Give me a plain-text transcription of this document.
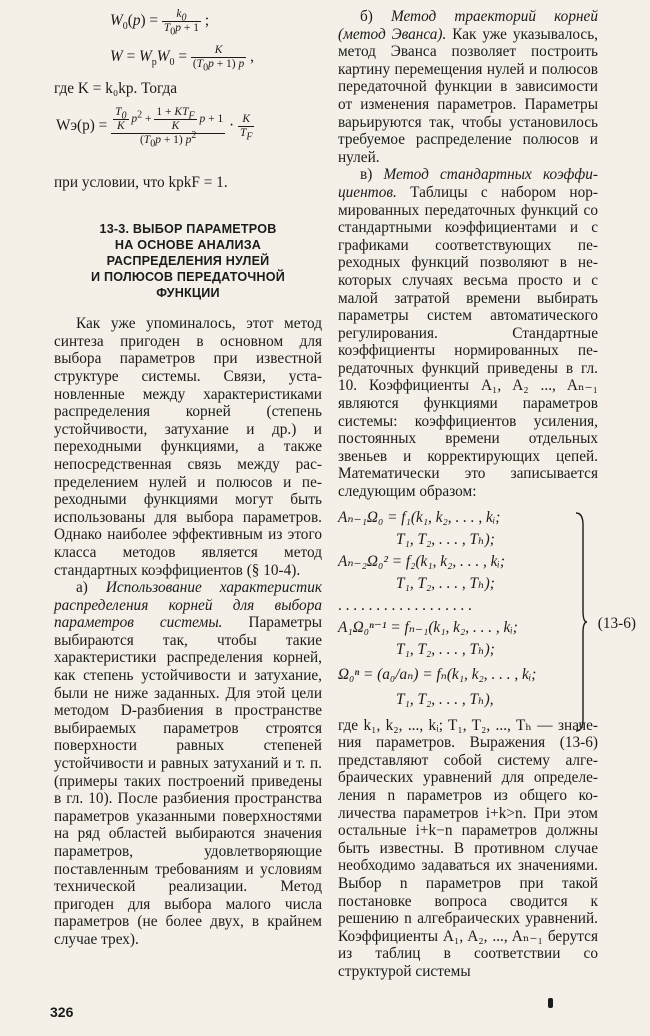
$W_0(p) = \frac{k_0}{T_0p + 1}$ ;
$W = W_рW_0 = \frac{K}{(T_0p + 1) p}$ ,
где K = k₀kр. Тогда
$Wэ(p) = \frac{\frac{T_0}{K} p^2 + \frac{1 + KT_F}{K} p + 1}{(T_0p + 1) p^2} \cdot \frac{K}{T_F}$
при условии, что kрkF = 1.
13-3. ВЫБОР ПАРАМЕТРОВ
НА ОСНОВЕ АНАЛИЗА
РАСПРЕДЕЛЕНИЯ НУЛЕЙ
И ПОЛЮСОВ ПЕРЕДАТОЧНОЙ
ФУНКЦИИ

Как уже упоминалось, этот метод синтеза пригоден в основном для выбора параметров при известной структуре системы. Связи, установленные между характеристиками распределения корней (степень устойчивости, затухание и др.) и переходными функциями, а также непосредственная связь между распределением нулей и полюсов и переходными функциями могут быть использованы для выбора параметров. Однако наиболее эффективным из этого класса методов является метод стандартных коэффициентов (§ 10-4).

а) Использование характеристик распределения корней для выбора параметров системы. Параметры выбираются так, чтобы такие характеристики распределения корней, как степень устойчивости и затухание, были не ниже заданных. Для этой цели методом D-разбиения в пространстве выбираемых параметров строятся поверхности равных степеней устойчивости и равных затуханий и т. п. (примеры таких построений приведены в гл. 10). После разбиения пространства параметров указанными поверхностями на ряд областей выбираются значения параметров, удовлетворяющие поставленным требованиям и условиям технической реализации. Метод пригоден для выбора малого числа параметров (не более двух, в крайнем случае трех).

б) Метод траекторий корней (метод Эванса). Как уже указывалось, метод Эванса позволяет построить картину перемещения нулей и полюсов передаточной функции в зависимости от изменения параметров. Параметры варьируются так, чтобы установилось требуемое распределение полюсов и нулей.

в) Метод стандартных коэффициентов. Таблицы с набором нормированных передаточных функций со стандартными коэффициентами и с графиками соответствующих переходных функций позволяют в некоторых случаях весьма просто и с малой затратой времени выбирать параметры систем автоматического регулирования. Стандартные коэффициенты нормированных передаточных функций приведены в гл. 10. Коэффициенты A₁, A₂ ..., Aₙ₋₁ являются функциями параметров системы: коэффициентов усиления, постоянных времени отдельных звеньев и корректирующих цепей. Математически это записывается следующим образом:

Aₙ₋₁Ω₀ = f₁(k₁, k₂, . . . , kᵢ;
T₁, T₂, . . . , Tₕ);
Aₙ₋₂Ω₀² = f₂(k₁, k₂, . . . , kᵢ;
T₁, T₂, . . . , Tₕ);
. . . . . . . . . . . . . . . . . .
A₁Ω₀ⁿ⁻¹ = fₙ₋₁(k₁, k₂, . . . , kᵢ;
T₁, T₂, . . . , Tₕ);
Ω₀ⁿ = (a₀/aₙ) = fₙ(k₁, k₂, . . . , kᵢ;
T₁, T₂, . . . , Tₕ),
(13-6)

где k₁, k₂, ..., kᵢ; T₁, T₂, ..., Tₕ — значения параметров. Выражения (13-6) представляют собой систему алгебраических уравнений для определеления n параметров из общего количества параметров i+k>n. При этом остальные i+k−n параметров должны быть известны. В противном случае необходимо задаваться их значениями. Выбор n параметров при такой постановке вопроса сводится к решению n алгебраических уравнений. Коэффициенты A₁, A₂, ..., Aₙ₋₁ берутся из таблиц в соответствии со структурой системы

326
